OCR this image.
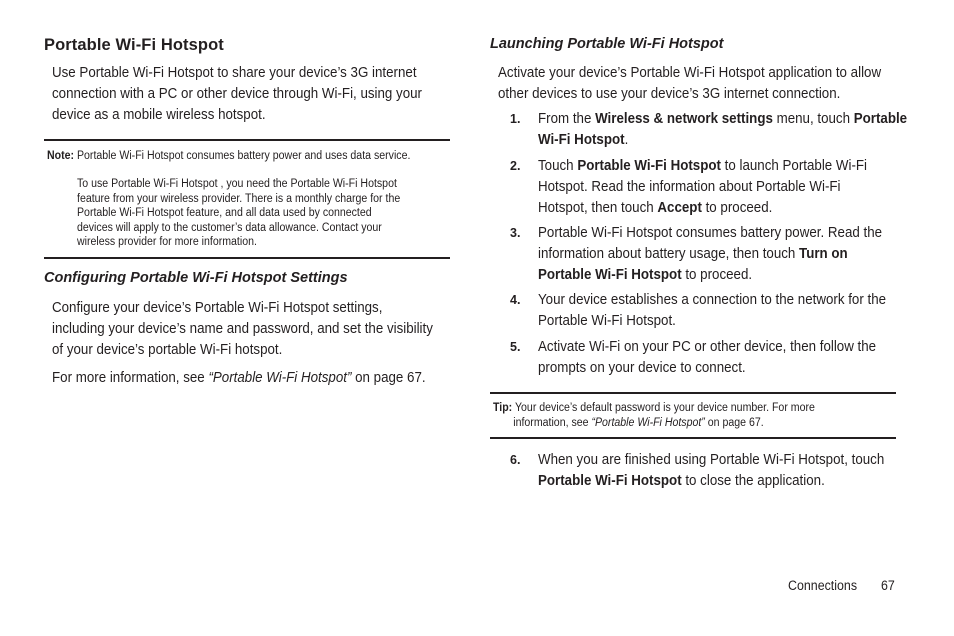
Portable Wi-Fi Hotspot
Use Portable Wi-Fi Hotspot to share your device’s 3G internet
connection with a PC or other device through Wi-Fi, using your
device as a mobile wireless hotspot.
Note: Portable Wi-Fi Hotspot consumes battery power and uses data service.
To use Portable Wi-Fi Hotspot , you need the Portable Wi-Fi Hotspot
feature from your wireless provider. There is a monthly charge for the
Portable Wi-Fi Hotspot feature, and all data used by connected
devices will apply to the customer’s data allowance. Contact your
wireless provider for more information.
Configuring Portable Wi-Fi Hotspot Settings
Configure your device’s Portable Wi-Fi Hotspot settings,
including your device’s name and password, and set the visibility
of your device’s portable Wi-Fi hotspot.
For more information, see “Portable Wi-Fi Hotspot” on page 67.
Launching Portable Wi-Fi Hotspot
Activate your device’s Portable Wi-Fi Hotspot application to allow
other devices to use your device’s 3G internet connection.
1. From the Wireless & network settings menu, touch Portable
Wi-Fi Hotspot.
2. Touch Portable Wi-Fi Hotspot to launch Portable Wi-Fi
Hotspot. Read the information about Portable Wi-Fi
Hotspot, then touch Accept to proceed.
3. Portable Wi-Fi Hotspot consumes battery power. Read the
information about battery usage, then touch Turn on
Portable Wi-Fi Hotspot to proceed.
4. Your device establishes a connection to the network for the
Portable Wi-Fi Hotspot.
5. Activate Wi-Fi on your PC or other device, then follow the
prompts on your device to connect.
Tip: Your device’s default password is your device number. For more
information, see “Portable Wi-Fi Hotspot” on page 67.
6. When you are finished using Portable Wi-Fi Hotspot, touch
Portable Wi-Fi Hotspot to close the application.
Connections 67
